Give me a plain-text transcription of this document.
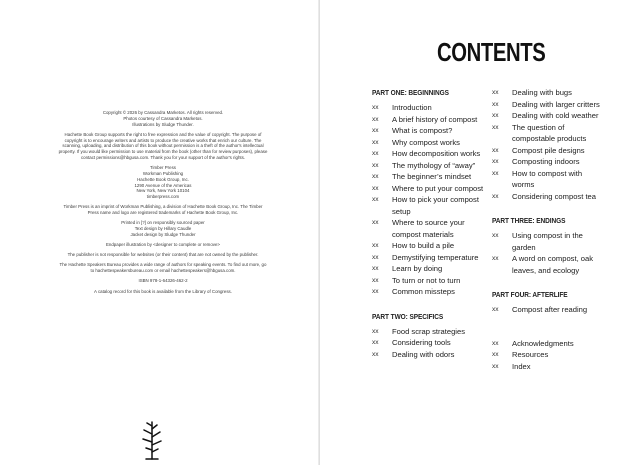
Copyright © 2026 by Cassandra Marketos. All rights reserved.
Photos courtesy of Cassandra Marketos.
Illustrations by Sludge Thunder.

Hachette Book Group supports the right to free expression and the value of copyright. The purpose of copyright is to encourage writers and artists to produce the creative works that enrich our culture. The scanning, uploading, and distribution of this book without permission is a theft of the author's intellectual property. If you would like permission to use material from the book (other than for review purposes), please contact permissions@hbgusa.com. Thank you for your support of the author's rights.

Timber Press
Workman Publishing
Hachette Book Group, Inc.
1290 Avenue of the Americas
New York, New York 10104
timberpress.com

Timber Press is an imprint of Workman Publishing, a division of Hachette Book Group, Inc. The Timber Press name and logo are registered trademarks of Hachette Book Group, Inc.

Printed in [?] on responsibly sourced paper
Text design by Hillary Caudle
Jacket design by Sludge Thunder

Endpaper illustration by <designer to complete or remove>

The publisher is not responsible for websites (or their content) that are not owned by the publisher.

The Hachette Speakers Bureau provides a wide range of authors for speaking events. To find out more, go to hachettespeakersbureau.com or email hachettespeakers@hbgusa.com.

ISBN 978-1-64326-462-2

A catalog record for this book is available from the Library of Congress.

CONTENTS
PART ONE: BEGINNINGS
xx	Introduction
xx	A brief history of compost
xx	What is compost?
xx	Why compost works
xx	How decomposition works
xx	The mythology of “away”
xx	The beginner’s mindset
xx	Where to put your compost
xx	How to pick your compost setup
xx	Where to source your compost materials
xx	How to build a pile
xx	Demystifying temperature
xx	Learn by doing
xx	To turn or not to turn
xx	Common missteps
PART TWO: SPECIFICS
xx	Food scrap strategies
xx	Considering tools
xx	Dealing with odors
xx	Dealing with bugs
xx	Dealing with larger critters
xx	Dealing with cold weather
xx	The question of compostable products
xx	Compost pile designs
xx	Composting indoors
xx	How to compost with worms
xx	Considering compost tea
PART THREE: ENDINGS
xx	Using compost in the garden
xx	A word on compost, oak leaves, and ecology
PART FOUR: AFTERLIFE
xx	Compost after reading
xx	Acknowledgments
xx	Resources
xx	Index
